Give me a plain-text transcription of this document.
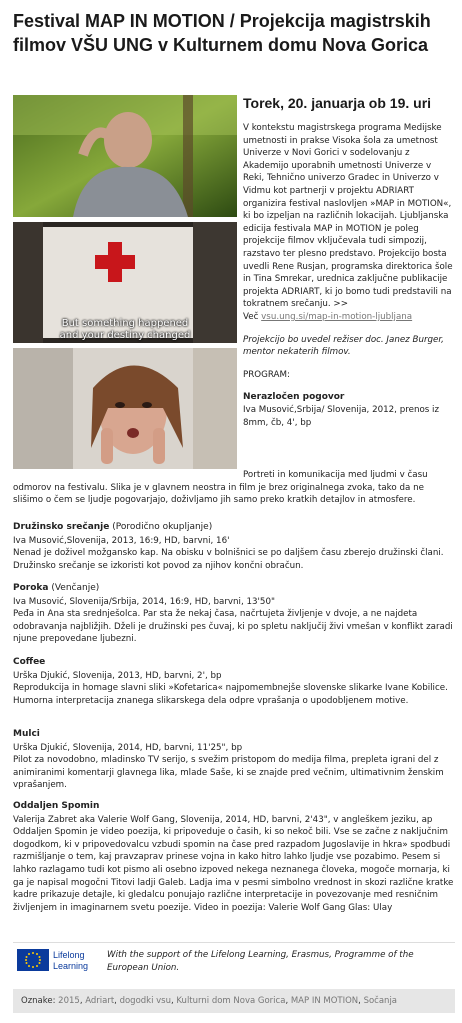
Festival MAP IN MOTION / Projekcija magistrskih filmov VŠU UNG v Kulturnem domu Nova Gorica
But something happened
and your destiny changed
Torek, 20. januarja ob 19. uri

V kontekstu magistrskega programa Medijske umetnosti in prakse Visoka šola za umetnost Univerze v Novi Gorici v sodelovanju z Akademijo uporabnih umetnosti Univerze v Reki, Tehnično univerzo Gradec in Univerzo v Vidmu kot partnerji v projektu ADRIART organizira festival naslovljen »MAP in MOTION«, ki bo izpeljan na različnih lokacijah. Ljubljanska edicija festivala MAP in MOTION je poleg projekcije filmov vključevala tudi simpozij, razstavo ter plesno predstavo. Projekcijo bosta uvedli Rene Rusjan, programska direktorica šole in Tina Smrekar, urednica zaključne publikacije projekta ADRIART, ki jo bomo tudi predstavili na tokratnem srečanju. >>
Več vsu.ung.si/map-in-motion-ljubljana

Projekcijo bo uvedel režiser doc. Janez Burger, mentor nekaterih filmov.

PROGRAM:

Nerazločen pogovor
Iva Musović,Srbija/ Slovenija, 2012, prenos iz 8mm, čb, 4', bp

Portreti in komunikacija med ljudmi v času odmorov na festivalu. Slika je v glavnem neostra in film je brez originalnega zvoka, tako da ne slišimo o čem se ljudje pogovarjajo, doživljamo jih samo preko kratkih detajlov in atmosfere.

Družinsko srečanje (Porodično okupljanje)
Iva Musović,Slovenija, 2013, 16:9, HD, barvni, 16'
Nenad je doživel možgansko kap. Na obisku v bolnišnici se po daljšem času zberejo družinski člani. Družinsko srečanje se izkoristi kot povod za njihov končni obračun.
Poroka (Venčanje)
Iva Musović, Slovenija/Srbija, 2014, 16:9, HD, barvni, 13'50"
Peđa in Ana sta srednješolca. Par sta že nekaj časa, načrtujeta življenje v dvoje, a ne najdeta odobravanja najbližjih. Dželi je družinski pes čuvaj, ki po spletu naključij živi vmešan v konflikt zaradi njune prepovedane ljubezni.
Coffee
Urška Djukić, Slovenija, 2013, HD, barvni, 2', bp
Reprodukcija in homage slavni sliki »Kofetarica« najpomembnejše slovenske slikarke Ivane Kobilice. Humorna interpretacija znanega slikarskega dela odpre vprašanja o upodobljenem motive.
Mulci
Urška Djukić, Slovenija, 2014, HD, barvni, 11'25", bp
Pilot za novodobno, mladinsko TV serijo, s svežim pristopom do medija filma, prepleta igrani del z animiranimi komentarji glavnega lika, mlade Saše, ki se znajde pred večnim, ultimativnim ženskim vprašanjem.
Oddaljen Spomin
Valerija Zabret aka Valerie Wolf Gang, Slovenija, 2014, HD, barvni, 2'43", v angleškem jeziku, ap Oddaljen Spomin je video poezija, ki pripoveduje o časih, ki so nekoč bili. Vse se začne z naključnim dogodkom, ki v pripovedovalcu vzbudi spomin na čase pred razpadom Jugoslavije in hkra» spodbudi razmišljanje o tem, kaj pravzaprav prinese vojna in kako hitro lahko ljudje vse pozabimo. Pesem si lahko razlagamo tudi kot pismo ali osebno izpoved nekega neznanega človeka, mogoče mornarja, ki ga je napisal mogočni Titovi ladji Galeb. Ladja ima v pesmi simbolno vrednost in skozi različne kratke kadre prikazuje detajle, ki gledalcu ponujajo različne interpretacije in povezovanje med resničnim življenjem in imaginarnem svetu poezije. Video in poezija: Valerie Wolf Gang Glas: Ulay
Lifelong
Learning
With the support of the Lifelong Learning, Erasmus, Programme of the European Union.
Oznake: 2015, Adriart, dogodki vsu, Kulturni dom Nova Gorica, MAP IN MOTION, Sočanja
